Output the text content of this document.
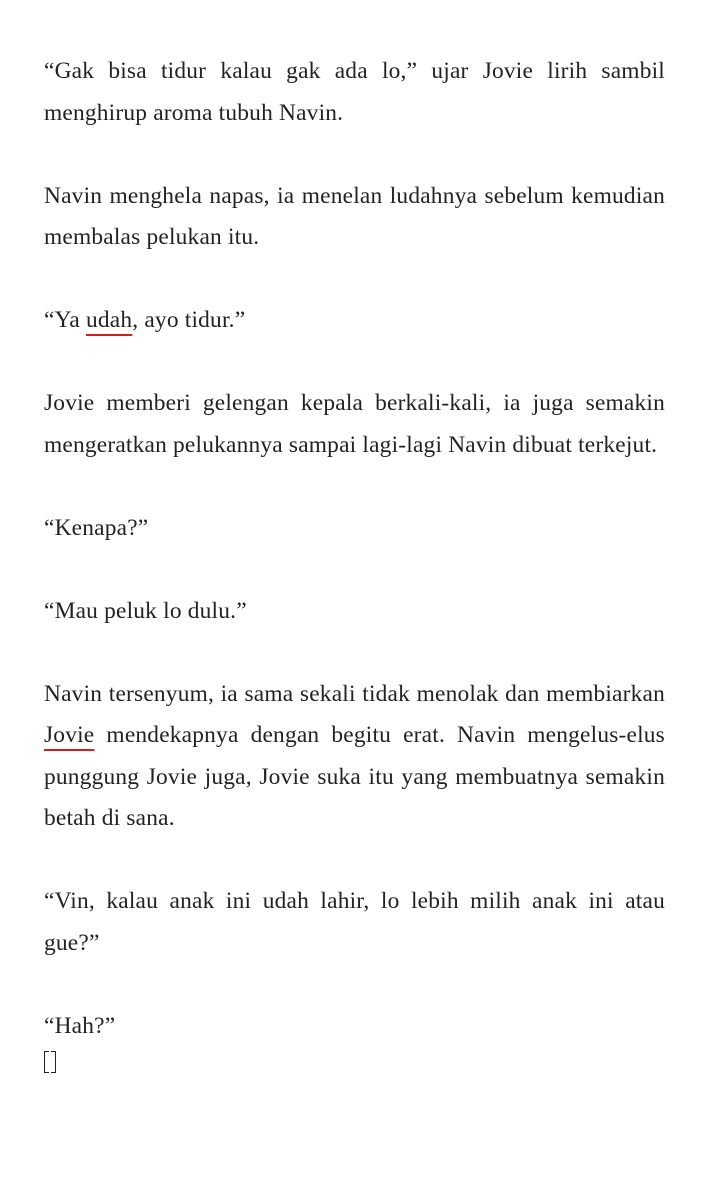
“Gak bisa tidur kalau gak ada lo,” ujar Jovie lirih sambil menghirup aroma tubuh Navin.

Navin menghela napas, ia menelan ludahnya sebelum kemudian membalas pelukan itu.

“Ya udah, ayo tidur.”

Jovie memberi gelengan kepala berkali-kali, ia juga semakin mengeratkan pelukannya sampai lagi-lagi Navin dibuat terkejut.

“Kenapa?”

“Mau peluk lo dulu.”

Navin tersenyum, ia sama sekali tidak menolak dan membiarkan Jovie mendekapnya dengan begitu erat. Navin mengelus-elus punggung Jovie juga, Jovie suka itu yang membuatnya semakin betah di sana.

“Vin, kalau anak ini udah lahir, lo lebih milih anak ini atau gue?”

“Hah?”
